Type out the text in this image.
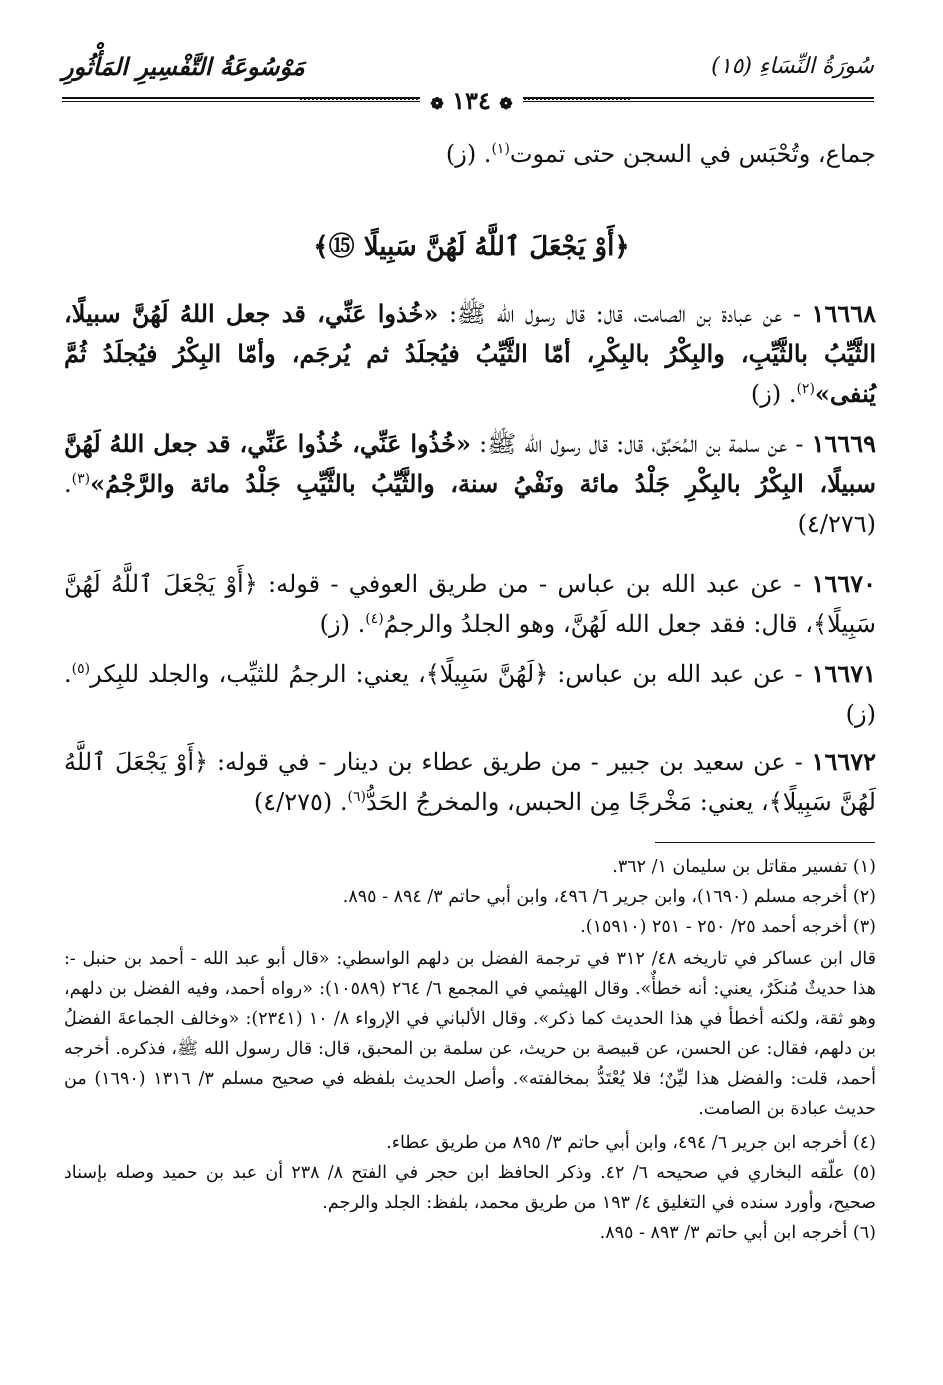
سُورَةُ النِّسَاءِ (١٥)
مَوْسُوعَةُ التَّفْسِيرِ المَأْثُورِ
❁ ١٣٤ ❁

جماع، وتُحْبَس في السجن حتى تموت$^{(١)}$. (ز)

﴿أَوْ يَجْعَلَ ٱللَّهُ لَهُنَّ سَبِيلًا ⑮﴾

١٦٦٦٨ - عن عبادة بن الصامت، قال: قال رسول الله ﷺ: «خُذوا عَنِّي، قد جعل اللهُ لَهُنَّ سبيلًا، الثَّيِّبُ بالثَّيِّبِ، والبِكْرُ بالبِكْرِ، أمّا الثَّيِّبُ فيُجلَدُ ثم يُرجَم، وأمّا البِكْرُ فيُجلَدُ ثُمَّ يُنفى»$^{(٢)}$. (ز)

١٦٦٦٩ - عن سلمة بن المُحَبِّق، قال: قال رسول الله ﷺ: «خُذُوا عَنِّي، خُذُوا عَنِّي، قد جعل اللهُ لَهُنَّ سبيلًا، البِكْرُ بالبِكْرِ جَلْدُ مائة ونَفْيُ سنة، والثَّيِّبُ بالثَّيِّبِ جَلْدُ مائة والرَّجْمُ»$^{(٣)}$. (٤/٢٧٦)

١٦٦٧٠ - عن عبد الله بن عباس - من طريق العوفي - قوله: ﴿أَوْ يَجْعَلَ ٱللَّهُ لَهُنَّ سَبِيلًا﴾، قال: فقد جعل الله لَهُنَّ، وهو الجلدُ والرجمُ$^{(٤)}$. (ز)

١٦٦٧١ - عن عبد الله بن عباس: ﴿لَهُنَّ سَبِيلًا﴾، يعني: الرجمُ للثيِّب، والجلد للبِكر$^{(٥)}$. (ز)

١٦٦٧٢ - عن سعيد بن جبير - من طريق عطاء بن دينار - في قوله: ﴿أَوْ يَجْعَلَ ٱللَّهُ لَهُنَّ سَبِيلًا﴾، يعني: مَخْرجًا مِن الحبس، والمخرجُ الحَدُّ$^{(٦)}$. (٤/٢٧٥)

(١) تفسير مقاتل بن سليمان ١/ ٣٦٢.

(٢) أخرجه مسلم (١٦٩٠)، وابن جرير ٦/ ٤٩٦، وابن أبي حاتم ٣/ ٨٩٤ - ٨٩٥.

(٣) أخرجه أحمد ٢٥/ ٢٥٠ - ٢٥١ (١٥٩١٠).

قال ابن عساكر في تاريخه ٤٨/ ٣١٢ في ترجمة الفضل بن دلهم الواسطي: «قال أبو عبد الله - أحمد بن حنبل -: هذا حديثٌ مُنكَرٌ، يعني: أنه خطأٌ». وقال الهيثمي في المجمع ٦/ ٢٦٤ (١٠٥٨٩): «رواه أحمد، وفيه الفضل بن دلهم، وهو ثقة، ولكنه أخطأ في هذا الحديث كما ذكر». وقال الألباني في الإرواء ٨/ ١٠ (٢٣٤١): «وخالف الجماعةَ الفضلُ بن دلهم، فقال: عن الحسن، عن قبيصة بن حريث، عن سلمة بن المحبق، قال: قال رسول الله ﷺ، فذكره. أخرجه أحمد، قلت: والفضل هذا ليِّنٌ؛ فلا يُعْتَدُّ بمخالفته». وأصل الحديث بلفظه في صحيح مسلم ٣/ ١٣١٦ (١٦٩٠) من حديث عبادة بن الصامت.

(٤) أخرجه ابن جرير ٦/ ٤٩٤، وابن أبي حاتم ٣/ ٨٩٥ من طريق عطاء.

(٥) علّقه البخاري في صحيحه ٦/ ٤٢. وذكر الحافظ ابن حجر في الفتح ٨/ ٢٣٨ أن عبد بن حميد وصله بإسناد صحيح، وأورد سنده في التغليق ٤/ ١٩٣ من طريق محمد، بلفظ: الجلد والرجم.

(٦) أخرجه ابن أبي حاتم ٣/ ٨٩٣ - ٨٩٥.
